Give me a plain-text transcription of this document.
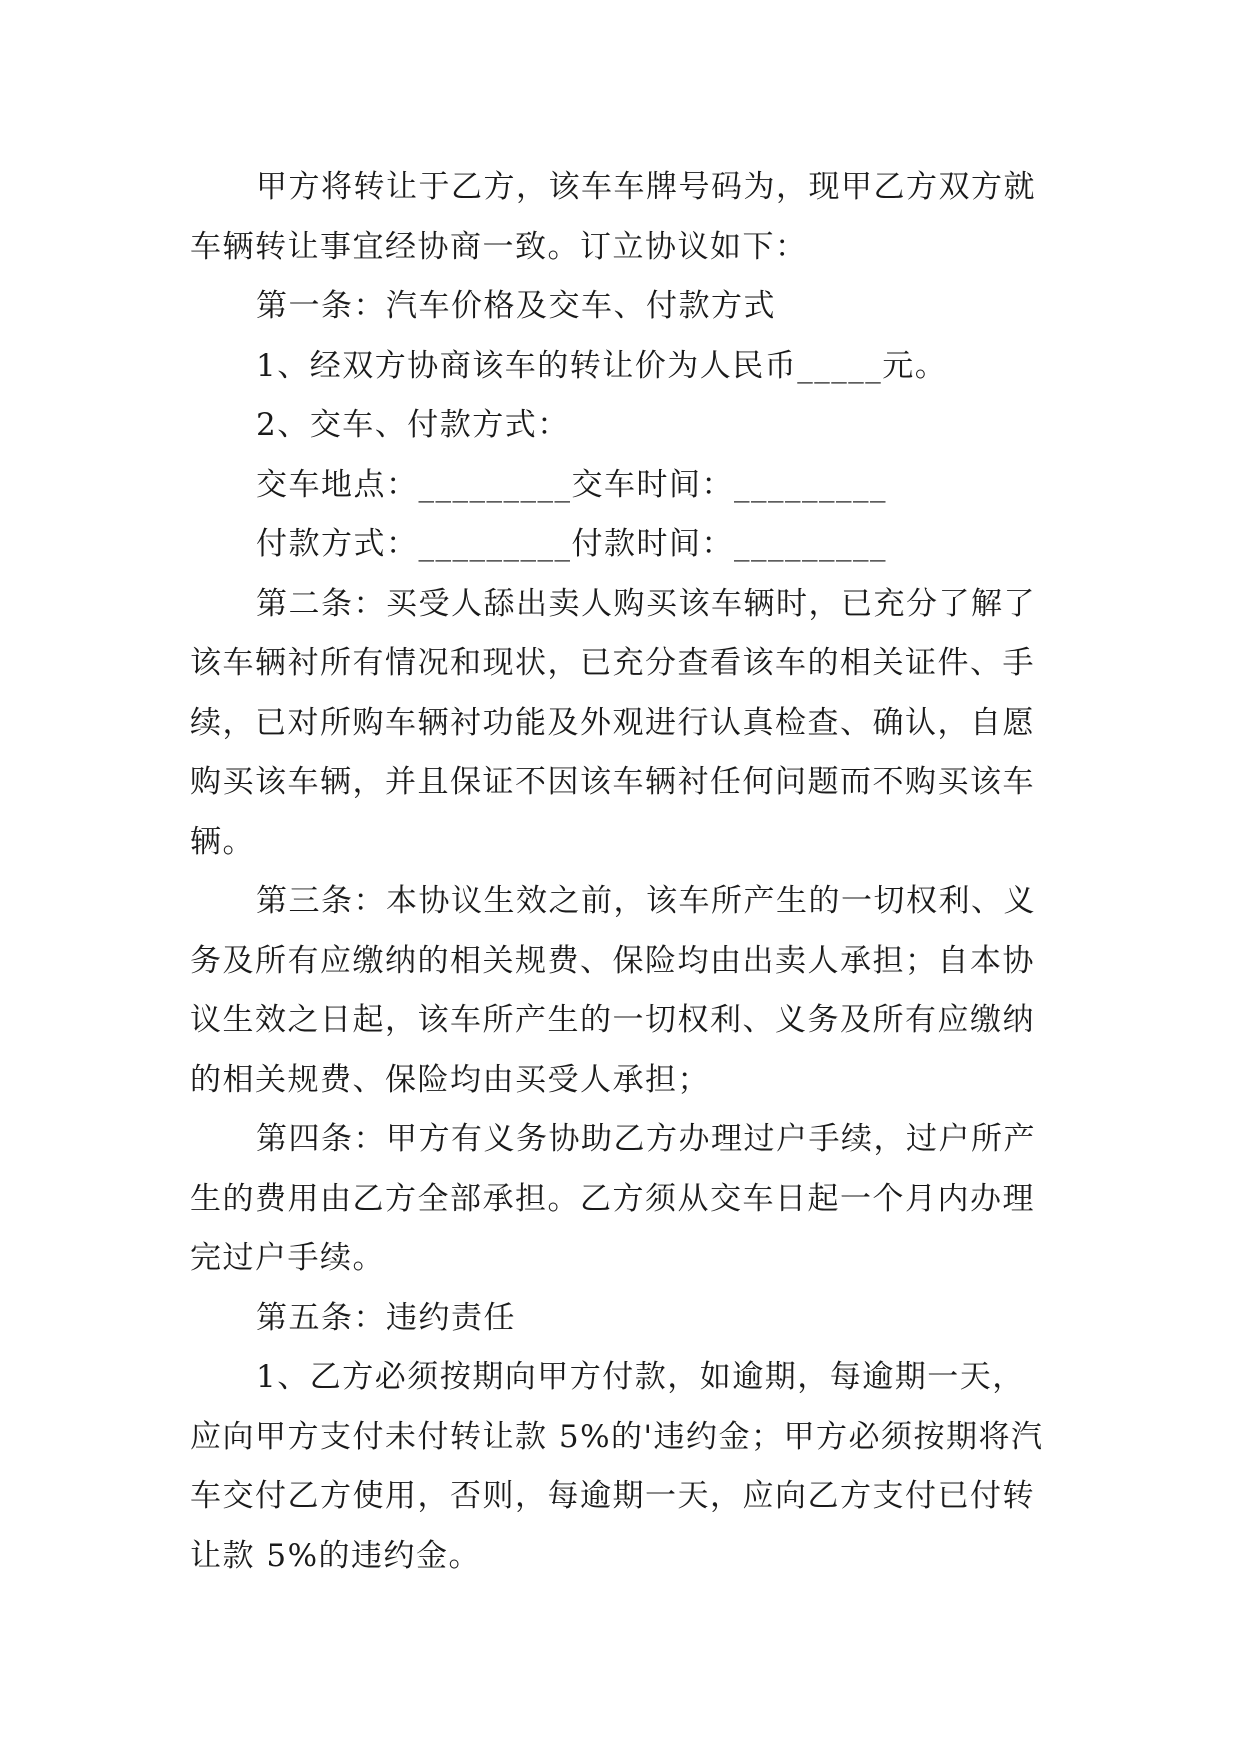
甲方将转让于乙方，该车车牌号码为，现甲乙方双方就
车辆转让事宜经协商一致。订立协议如下：
第一条：汽车价格及交车、付款方式
1、经双方协商该车的转让价为人民币_____元。
2、交车、付款方式：
交车地点：_________交车时间：_________
付款方式：_________付款时间：_________
第二条：买受人舔出卖人购买该车辆时，已充分了解了
该车辆衬所有情况和现状，已充分查看该车的相关证件、手
续，已对所购车辆衬功能及外观进行认真检查、确认，自愿
购买该车辆，并且保证不因该车辆衬任何问题而不购买该车
辆。
第三条：本协议生效之前，该车所产生的一切权利、义
务及所有应缴纳的相关规费、保险均由出卖人承担；自本协
议生效之日起，该车所产生的一切权利、义务及所有应缴纳
的相关规费、保险均由买受人承担；
第四条：甲方有义务协助乙方办理过户手续，过户所产
生的费用由乙方全部承担。乙方须从交车日起一个月内办理
完过户手续。
第五条：违约责任
1、乙方必须按期向甲方付款，如逾期，每逾期一天，
应向甲方支付未付转让款 5%的'违约金；甲方必须按期将汽
车交付乙方使用，否则，每逾期一天，应向乙方支付已付转
让款 5%的违约金。
